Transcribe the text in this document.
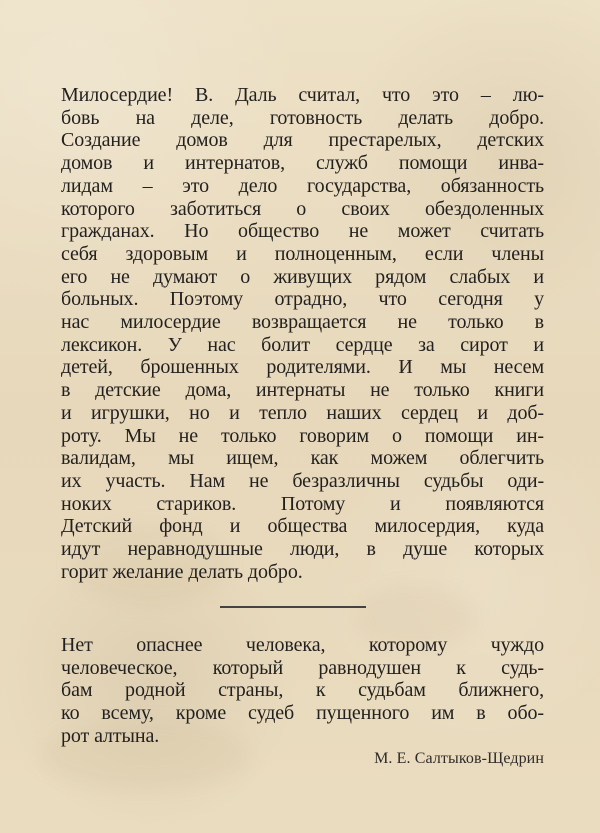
Милосердие! В. Даль считал, что это – лю-
бовь на деле, готовность делать добро.
Создание домов для престарелых, детских
домов и интернатов, служб помощи инва-
лидам – это дело государства, обязанность
которого заботиться о своих обездоленных
гражданах. Но общество не может считать
себя здоровым и полноценным, если члены
его не думают о живущих рядом слабых и
больных. Поэтому отрадно, что сегодня у
нас милосердие возвращается не только в
лексикон. У нас болит сердце за сирот и
детей, брошенных родителями. И мы несем
в детские дома, интернаты не только книги
и игрушки, но и тепло наших сердец и доб-
роту. Мы не только говорим о помощи ин-
валидам, мы ищем, как можем облегчить
их участь. Нам не безразличны судьбы оди-
ноких стариков. Потому и появляются
Детский фонд и общества милосердия, куда
идут неравнодушные люди, в душе которых
горит желание делать добро.
Нет опаснее человека, которому чуждо
человеческое, который равнодушен к судь-
бам родной страны, к судьбам ближнего,
ко всему, кроме судеб пущенного им в обо-
рот алтына.
М. Е. Салтыков-Щедрин
